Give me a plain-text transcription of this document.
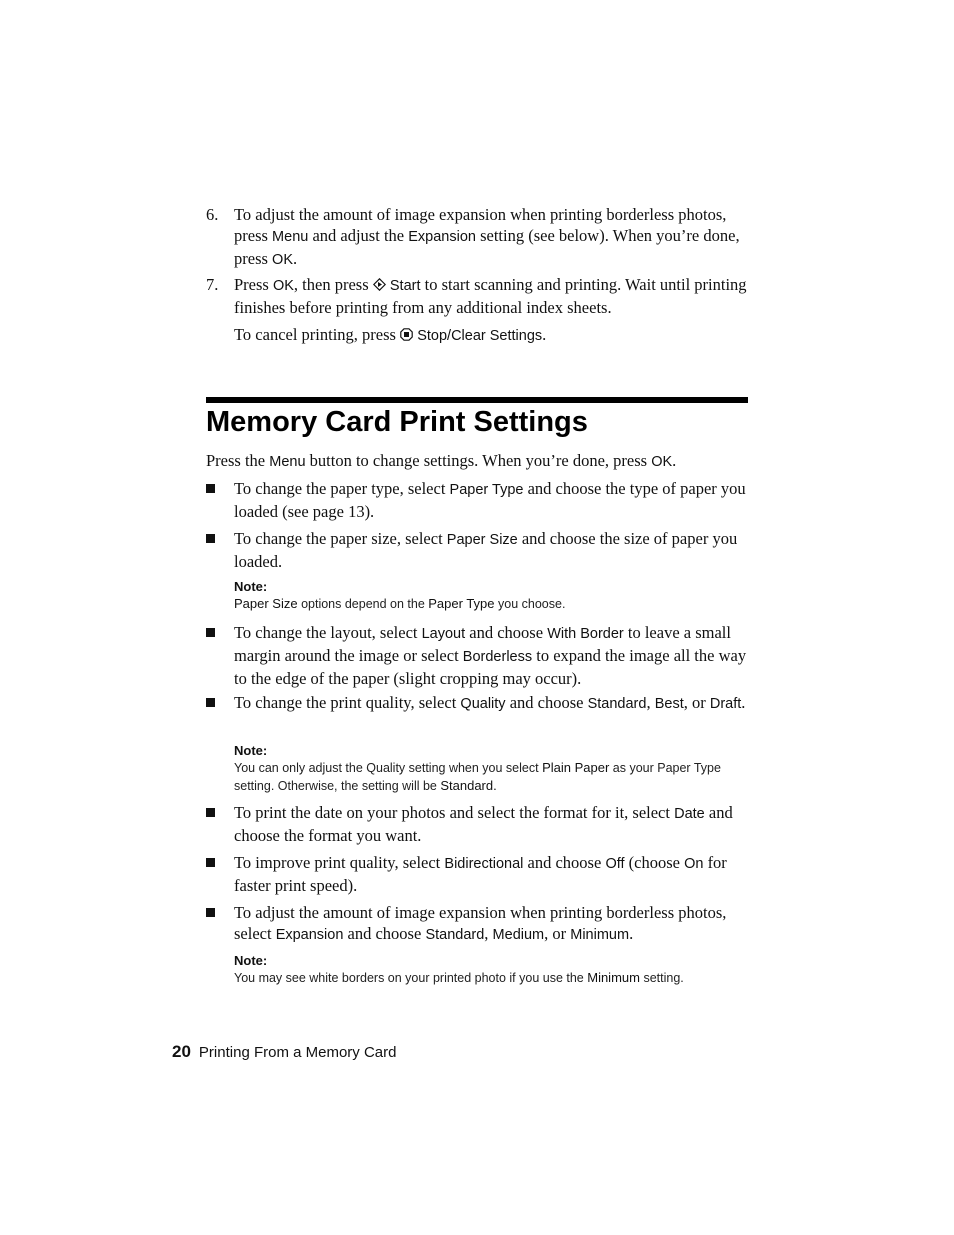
6. To adjust the amount of image expansion when printing borderless photos, press Menu and adjust the Expansion setting (see below). When you’re done, press OK.
7. Press OK, then press  Start to start scanning and printing. Wait until printing finishes before printing from any additional index sheets.
To cancel printing, press  Stop/Clear Settings.
Memory Card Print Settings
Press the Menu button to change settings. When you’re done, press OK.
To change the paper type, select Paper Type and choose the type of paper you loaded (see page 13).
To change the paper size, select Paper Size and choose the size of paper you loaded.
Note:
Paper Size options depend on the Paper Type you choose.
To change the layout, select Layout and choose With Border to leave a small margin around the image or select Borderless to expand the image all the way to the edge of the paper (slight cropping may occur).
To change the print quality, select Quality and choose Standard, Best, or Draft.
Note:
You can only adjust the Quality setting when you select Plain Paper as your Paper Type setting. Otherwise, the setting will be Standard.
To print the date on your photos and select the format for it, select Date and choose the format you want.
To improve print quality, select Bidirectional and choose Off (choose On for faster print speed).
To adjust the amount of image expansion when printing borderless photos, select Expansion and choose Standard, Medium, or Minimum.
Note:
You may see white borders on your printed photo if you use the Minimum setting.
20 Printing From a Memory Card
